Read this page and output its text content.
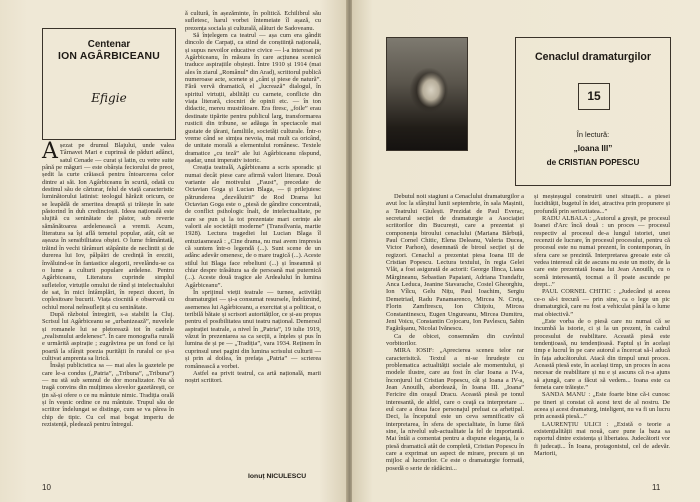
Centenar
ION AGÂRBICEANU
Efigie
A șezat pe drumul Blajului, unde valea Târnavei Mari e cuprinsă de păduri adânci, satul Cenade — curat și latin, cu vetre suite până pe măguri — este obârșia feciorului de preot, ședit la curte crăiască pentru întoarcerea celor dintre ai săi. Ion Agârbiceanu în scurtă, odată cu destinul său de cărturar, felul de viață caracteristic luminătorului latinist: teologul hărăzit oricum, ce se leapădă de smeritea dreaptă și trăiește în sate păstorind în duh credincioșii. Ideea naționalã este slujită cu seninătate de păstor, sub reverie sămănătoarea ardelenească a vremii. Acum, literatura sa își află temeiul popular, atât, cât se așeaza în sensibilitatea obștei. O lume frământată, trăind în vechi tărâmuri stăpânite de neclintit și de durerea lui Iov, pâlpâiri de credință în ereziii, învăluind-se în fantastice alegorii, revelându-se ca o lume a culturii populare ardelene. Pentru Agârbiceanu, Literatura cuprinde simplul sufletelor, virtuțile omului de rând și intelectualului de sat, în mici întâmplări, în repezi duceri, în coplesitoare bucurii. Viața ciocnită e observată cu ochiul moral neînsuflețit și cu seninătate.

După războiul întregirii, s-a stabilit la Cluj. Scrisul lui Agârbiceanu se „urbanizează”, nuvelele și romanele lui se pletorează tot în cadrele „realismului ardelenesc”. În care monografia rurală e urmărită aspirație ; zugrăvirea pe un fond ce își poartă la sfârșit poezia purității în ruralul ce și-a cultivat amprenta sa lirică.

Însăși publicistica sa — mai ales la gazetele pe care le-a condus („Patria”, „Tribuna”, „Tribuna”) — nu stă sub semnul de dor moralizator. Nu să tragă convins din mulțimea slovelor gazetărești, ce țin să-și ofere o ce nu mântuie nimic. Tradiția orală și în veșnic ordine ce nu mântuie. Trupul său de scriitor îndelungat se distinge, cum se va părea în chip de tipic. Cu cel mai bogat imperiu de rezistență, pledează pentru întregul.

ă cultură, în așezăminte, în politică. Echilibrul său sufletesc, harul vorbei întemeiate îl așază, cu prezența sociala și culturală, alături de Sadoveanu.

Să înțelegem ca teatrul — așa cum era gândit dincolo de Carpați, ca stind de conștiință națională, și supus nevoilor educative civice — l-a interesat pe Agârbiceanu, în măsura în care acțiunea scenică traduce aspirațiile obștești. Între 1910 și 1914 (mai ales în ziarul „Românul” din Arad), scriitorul publică numeroase acte, scenete și „cânt și piese de natură”. Fără vervă dramatică, el „lucrează” dialogul, în spiritul virtuții, abilități cu carnete, conflicte din viața literară, ciocniri de opinii etc. — în ton didactic, mereu mustrătoare. Era firesc, „foile” erau destinate tipărite pentru publicul larg, transformarea rusticii din tribune, se adăuga în spectacole mai gustate de țărani, familiile, societăți culturale. Într-o vreme când se simțea nevoia, mai mult ca oricând, de unitate morală a elementului românesc. Textele dramatice „cu teză” ale lui Agârbiceanu răspund, așadar, unui imperativ istoric.

Creația teatrală, Agârbiceanu a scris sporadic și numai decât piese care afirmă valori literare. Două variante ale motivului „Faust”, precedate de Octavian Goga și Lucian Blaga, — ți prilejuiesc pătrunderea „dezvăluirii” de Rod Drama lui Octavian Goga este o „piesă de gândire concentrată, de conflict psihologic înalt, de intelectualitate, pe care se pun și la tot prezentate mari cerințe ale valorii ale societății moderne” (Transilvania, martie 1928). Lectura tragediei lui Lucian Blaga îl entuziasmează : „Cine drama, nu mai avem impresia că suntem într-o legendă (...). Sunt scene de un adânc adevăr omenesc, de o mare tragică (...). Aceste stilul lui Blaga face rebeliuni (...) și înseamnă și chiar despre trăsătura sa de persoană mai puternică (...). Aceste două tragice ale Ardealului în lumina Agârbiceanu”.

În sprijinul vieții teatrale — turnee, activități dramaturgiei — și-a consumat resursele, îndrăznind, asemenea lui Agârbiceanu, a exercitat și a politicat, o teribilă bătaie și scrisori autorităților, ce și-au propus pentru el posibilitatea unui teatru național. Demersul aspirației teatrale, a nivel în „Patria”, 19 iulie 1919, văzut în prezentarea sa ca secții, a înțeles și pus în lumina de și pe — „Tradiția”, vara 1934. Reținem în cuprinsul unei pagini din lumina scrisului culturii — și prin al doilea, în prefața „Patria” — scrierea românească a vorbei.

Astfel ea privit teatrul, ca artă națională, marii noștri scriitori.

Ionuț NICULESCU
10
Cenaclul dramaturgilor
15
În lectură:
„Ioana III”
de CRISTIAN POPESCU

Debutul noii stagiuni a Cenaclului dramaturgilor a avut loc la sfârșitul lunii septembrie, în sala Mașinii, a Teatrului Giulești. Prezidat de Paul Everac, secretarul secției de dramaturgie a Asociației scriitorilor din București, care a prezentat și componența biroului cenaclului (Mariana Bărbuță, Paul Cornel Chitic, Elena Deleanu, Valeria Ducea, Victor Parhon), desemnată de biroul secției și de regizori. Cenaclul a prezentat piesa Ioana III de Cristian Popescu. Lectura textului, în regia Gelei Vlăt, a fost asigurată de actorii: George Ilinca, Liana Mărgineanu, Sebastian Papaiani, Adriana Trandafir, Anca Leduca, Jeanine Stavarache, Costel Gheorghiu, Ion Vîlcu, Gelu Nițu, Paul Ioachim, Sergiu Demetriad, Radu Panamarenco, Mircea N. Creța, Florin Zamfirescu, Ion Chițoiu, Mircea Constantinescu, Eugen Ungureanu, Mircea Dumitru, Jeni Voicu, Constantin Cojocaru, Ion Pavlescu, Sabin Fagărășanu, Nicolai Ivănescu.

Ca de obicei, consemnăm din cuvîntul vorbitorilor.

MIRA IOSIF: „Aprecierea sceneu telor rar caracterisitcă. Textul a ni-se înrudește cu problematica actualității sociale ale momentului, și modele ilustre, care au fost în clar Ioana a IV-a, înconjurul lui Cristian Popescu, cât și Ioana a IV-a, Jean Anouilh, abordează, în Ioana III. „Ioana” Fericire din orașul Dracu. Această piesă pe tonul interesantă, de altfel, care o ceaţă ca interpretare ... eul care a doua face personajul preluat ca arhetipal. Deci, la începutul este un ceva semnificativ că interpretarea, în sfera de specialitate, în lume fără sine, la nivelul sub-actualitate la fel de importantă. Mai întâi a comentat pentru a dispune eleganța, la o piesă dramatică atât de completă, Cristian Popescu în care a exprimat un aspect de mirare, precum și un mijloc al lucrurilor. Ce este o dramaturgie formată, posedă o serie de rădăcini...

și meșteșugul construirii unei situații... a piesei lucidității, bugetul în idei, atractiva prin propunere și profundă prin seriozitatea...”

RADU ALBALA : „Autorul a greșit, pe procesul Ioanei d'Arc încă două : un proces — procesul respectiv al procesul de-a lungul istoriei, unei recenzii de lucrare, în procesul procesului, pentru că procesul este nu numai prezent, în contemporan, în sfera care se prezintă. Interpretarea greoaie este că vedea interesul cât de ascuns nu este un motiv, de la care este prezentată Ioana lui Jean Anouilh, cu o scenă interesantă, tocmai a îl poate ascunde pe drept...”

PAUL CORNEL CHITIC : „Judecând și aceea ce-o să-i trecură — prin sine, ca o lege un pic dramaturgică, care nu fost a vehiculat până la o lume mai obiectivă.”

„Este vorba de o piesă care nu numai că se incumbă la istorie, ci și la un prezent, în cadrul procesului de reabilitare. Această piesă este tendențioasă, nu tendențioasă. Faptul și în același timp e lucrul în pe care autorul a încercat să-l aducă în fața aducătorului. Atacă din timpul unui proces. Această piesă este, în același timp, un proces în acea necesar de reabilitare și nu e și ascuns că n-a ajuns să ajungă, care a făcut să vedem... Ioana este ca femeia care trăiește.”

SANDA MANU : „Este foarte bine că-i cunosc pe tineri și constat că acest text de al nostru. De aceea și acest dramaturg, inteligent, nu va fi un lucru prin această piesă...”

LAURENȚIU ULICI : „Există o teorie a existențialității mai nouă, care pune la baza sa raportul dintre existența și libertatea. Judecătorii vor fi judecați... În Ioana, protagonistul, cel de adevăr. Martorii,

11
